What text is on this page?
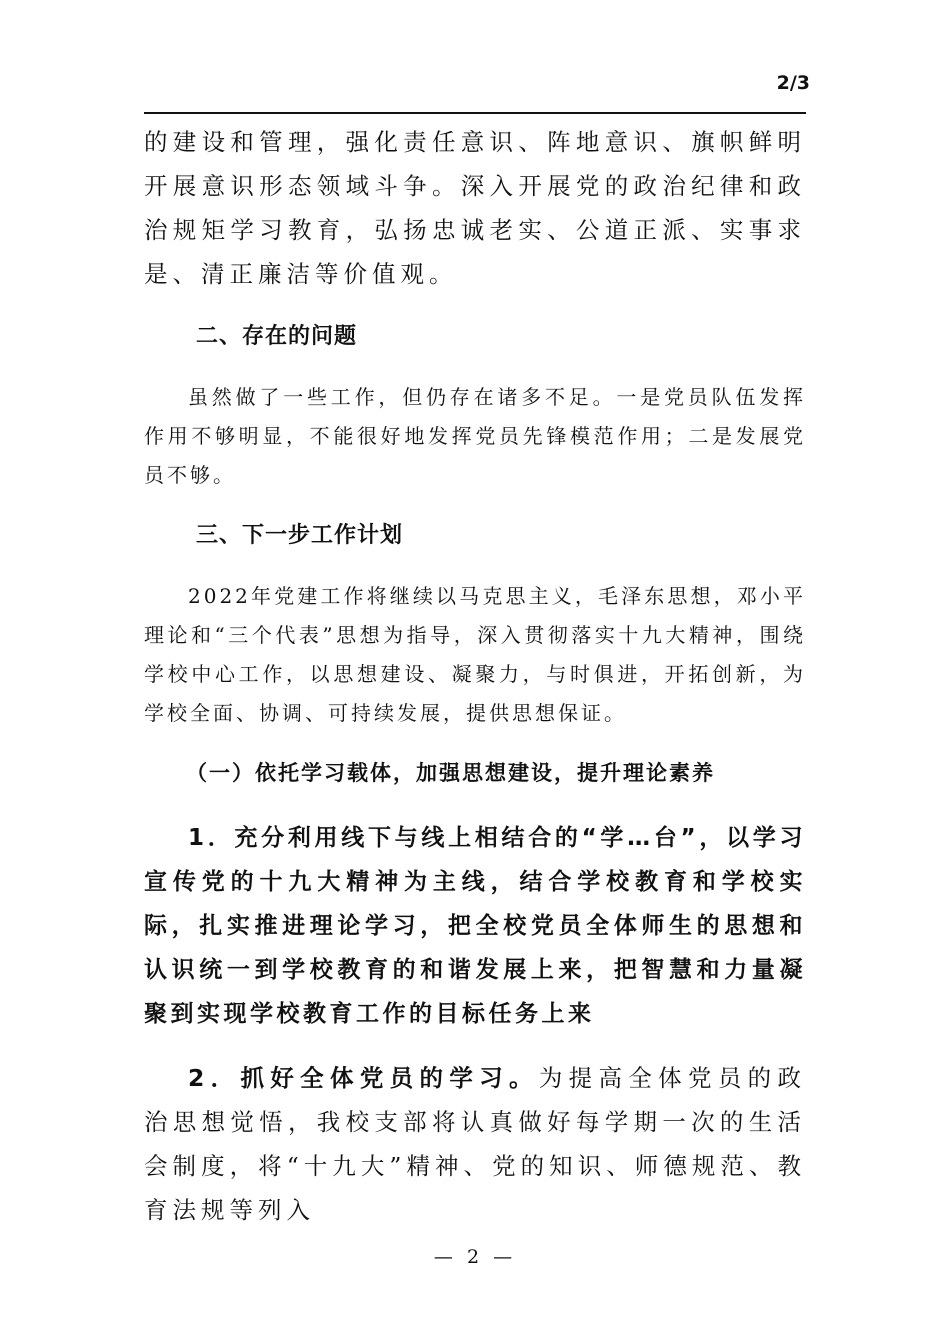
2/3

的建设和管理，强化责任意识、阵地意识、旗帜鲜明开展意识形态领域斗争。深入开展党的政治纪律和政治规矩学习教育，弘扬忠诚老实、公道正派、实事求是、清正廉洁等价值观。

二、存在的问题

虽然做了一些工作，但仍存在诸多不足。一是党员队伍发挥作用不够明显，不能很好地发挥党员先锋模范作用；二是发展党员不够。

三、下一步工作计划

2022年党建工作将继续以马克思主义，毛泽东思想，邓小平理论和“三个代表”思想为指导，深入贯彻落实十九大精神，围绕学校中心工作，以思想建设、凝聚力，与时俱进，开拓创新，为学校全面、协调、可持续发展，提供思想保证。

（一）依托学习载体，加强思想建设，提升理论素养

1．充分利用线下与线上相结合的“学…台”，以学习宣传党的十九大精神为主线，结合学校教育和学校实际，扎实推进理论学习，把全校党员全体师生的思想和认识统一到学校教育的和谐发展上来，把智慧和力量凝聚到实现学校教育工作的目标任务上来

2．抓好全体党员的学习。为提高全体党员的政治思想觉悟，我校支部将认真做好每学期一次的生活会制度，将“十九大”精神、党的知识、师德规范、教育法规等列入

— 2 —
